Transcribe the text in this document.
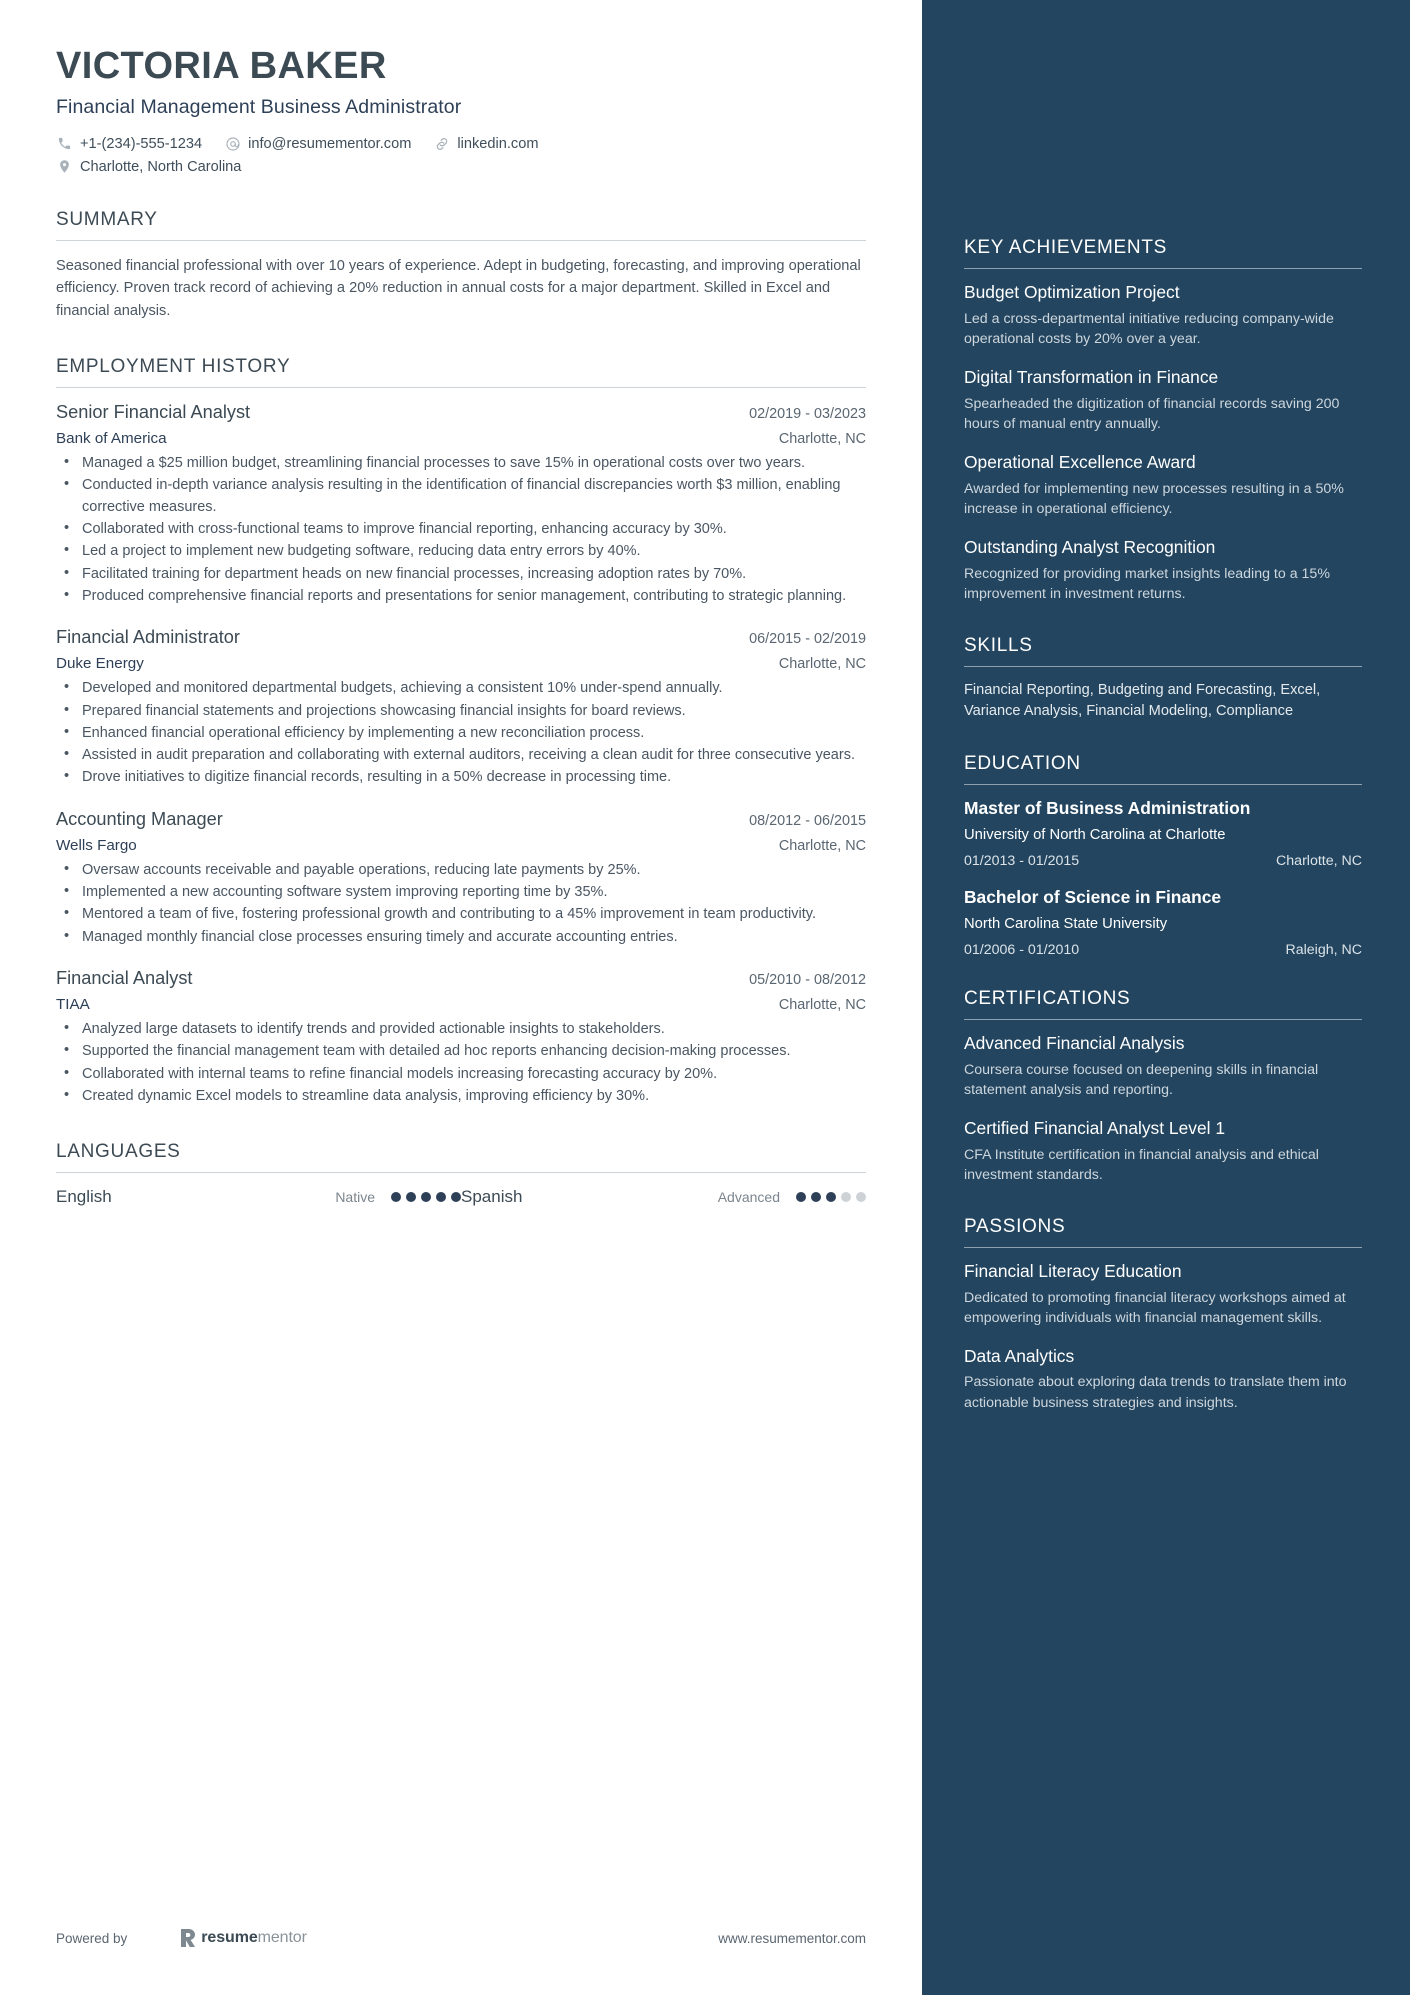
VICTORIA BAKER
Financial Management Business Administrator
+1-(234)-555-1234	info@resumementor.com	linkedin.com
Charlotte, North Carolina
SUMMARY
Seasoned financial professional with over 10 years of experience. Adept in budgeting, forecasting, and improving operational efficiency. Proven track record of achieving a 20% reduction in annual costs for a major department. Skilled in Excel and financial analysis.
EMPLOYMENT HISTORY
Senior Financial Analyst	02/2019 - 03/2023
Bank of America	Charlotte, NC
• Managed a $25 million budget, streamlining financial processes to save 15% in operational costs over two years.
• Conducted in-depth variance analysis resulting in the identification of financial discrepancies worth $3 million, enabling corrective measures.
• Collaborated with cross-functional teams to improve financial reporting, enhancing accuracy by 30%.
• Led a project to implement new budgeting software, reducing data entry errors by 40%.
• Facilitated training for department heads on new financial processes, increasing adoption rates by 70%.
• Produced comprehensive financial reports and presentations for senior management, contributing to strategic planning.
Financial Administrator	06/2015 - 02/2019
Duke Energy	Charlotte, NC
• Developed and monitored departmental budgets, achieving a consistent 10% under-spend annually.
• Prepared financial statements and projections showcasing financial insights for board reviews.
• Enhanced financial operational efficiency by implementing a new reconciliation process.
• Assisted in audit preparation and collaborating with external auditors, receiving a clean audit for three consecutive years.
• Drove initiatives to digitize financial records, resulting in a 50% decrease in processing time.
Accounting Manager	08/2012 - 06/2015
Wells Fargo	Charlotte, NC
• Oversaw accounts receivable and payable operations, reducing late payments by 25%.
• Implemented a new accounting software system improving reporting time by 35%.
• Mentored a team of five, fostering professional growth and contributing to a 45% improvement in team productivity.
• Managed monthly financial close processes ensuring timely and accurate accounting entries.
Financial Analyst	05/2010 - 08/2012
TIAA	Charlotte, NC
• Analyzed large datasets to identify trends and provided actionable insights to stakeholders.
• Supported the financial management team with detailed ad hoc reports enhancing decision-making processes.
• Collaborated with internal teams to refine financial models increasing forecasting accuracy by 20%.
• Created dynamic Excel models to streamline data analysis, improving efficiency by 30%.
LANGUAGES
English	Native	Spanish	Advanced
Powered by	resumementor	www.resumementor.com
KEY ACHIEVEMENTS
Budget Optimization Project
Led a cross-departmental initiative reducing company-wide operational costs by 20% over a year.
Digital Transformation in Finance
Spearheaded the digitization of financial records saving 200 hours of manual entry annually.
Operational Excellence Award
Awarded for implementing new processes resulting in a 50% increase in operational efficiency.
Outstanding Analyst Recognition
Recognized for providing market insights leading to a 15% improvement in investment returns.
SKILLS
Financial Reporting, Budgeting and Forecasting, Excel, Variance Analysis, Financial Modeling, Compliance
EDUCATION
Master of Business Administration
University of North Carolina at Charlotte
01/2013 - 01/2015	Charlotte, NC
Bachelor of Science in Finance
North Carolina State University
01/2006 - 01/2010	Raleigh, NC
CERTIFICATIONS
Advanced Financial Analysis
Coursera course focused on deepening skills in financial statement analysis and reporting.
Certified Financial Analyst Level 1
CFA Institute certification in financial analysis and ethical investment standards.
PASSIONS
Financial Literacy Education
Dedicated to promoting financial literacy workshops aimed at empowering individuals with financial management skills.
Data Analytics
Passionate about exploring data trends to translate them into actionable business strategies and insights.
